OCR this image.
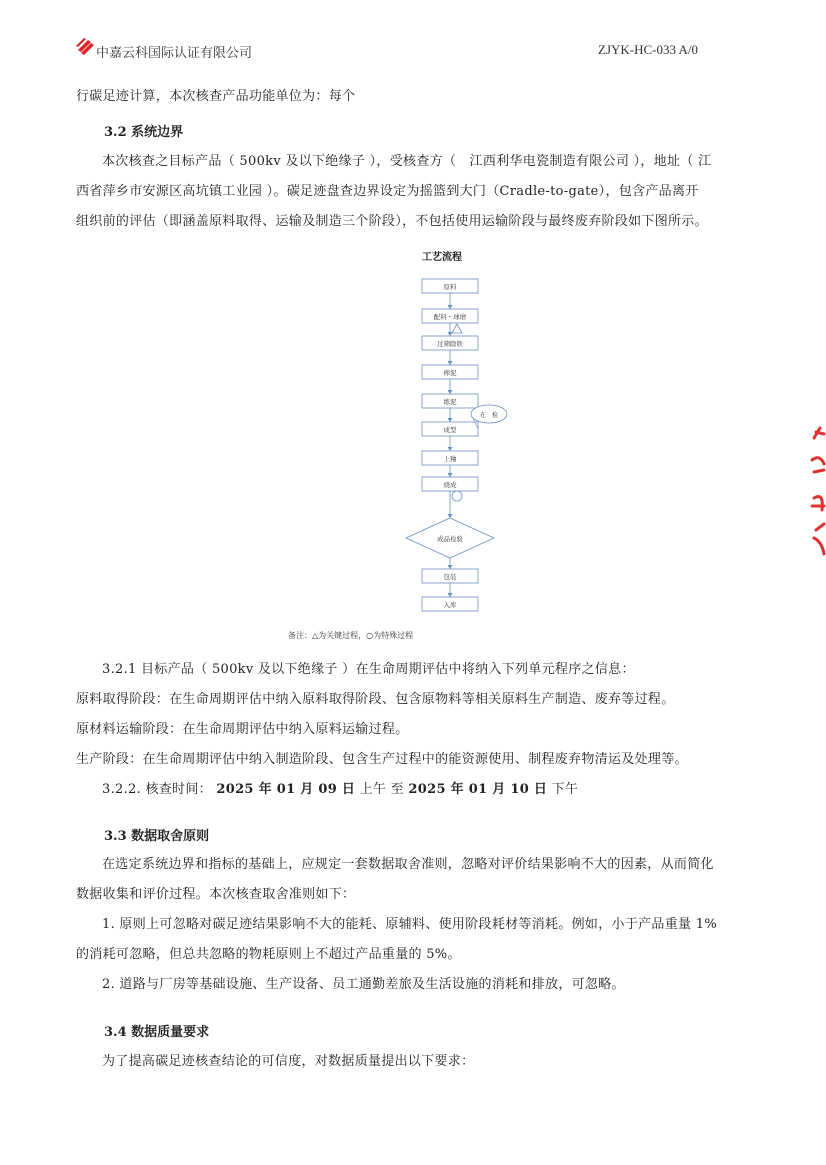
中嘉云科国际认证有限公司	ZJYK-HC-033 A/0
行碳足迹计算，本次核查产品功能单位为：每个
3.2 系统边界
本次核查之目标产品（ 500kv 及以下绝缘子 ），受核查方（　江西利华电瓷制造有限公司 ），地址（ 江
西省萍乡市安源区高坑镇工业园 ）。碳足迹盘查边界设定为摇篮到大门（Cradle-to-gate），包含产品离开
组织前的评估（即涵盖原料取得、运输及制造三个阶段），不包括使用运输阶段与最终废弃阶段如下图所示。
工艺流程
原料
配料・球磨
过筛除铁
榨泥
练泥
成型
上釉
烧成
成品检验
包装
入库
在　检
备注：△为关键过程，○为特殊过程
3.2.1 目标产品（ 500kv 及以下绝缘子 ）在生命周期评估中将纳入下列单元程序之信息：
原料取得阶段：在生命周期评估中纳入原料取得阶段、包含原物料等相关原料生产制造、废弃等过程。
原材料运输阶段：在生命周期评估中纳入原料运输过程。
生产阶段：在生命周期评估中纳入制造阶段、包含生产过程中的能资源使用、制程废弃物清运及处理等。
3.2.2. 核查时间： 2025 年 01 月 09 日 上午 至 2025 年 01 月 10 日 下午
3.3 数据取舍原则
在选定系统边界和指标的基础上，应规定一套数据取舍准则，忽略对评价结果影响不大的因素，从而简化
数据收集和评价过程。本次核查取舍准则如下：
1. 原则上可忽略对碳足迹结果影响不大的能耗、原辅料、使用阶段耗材等消耗。例如，小于产品重量 1%
的消耗可忽略，但总共忽略的物耗原则上不超过产品重量的 5%。
2. 道路与厂房等基础设施、生产设备、员工通勤差旅及生活设施的消耗和排放，可忽略。
3.4 数据质量要求
为了提高碳足迹核查结论的可信度，对数据质量提出以下要求：
